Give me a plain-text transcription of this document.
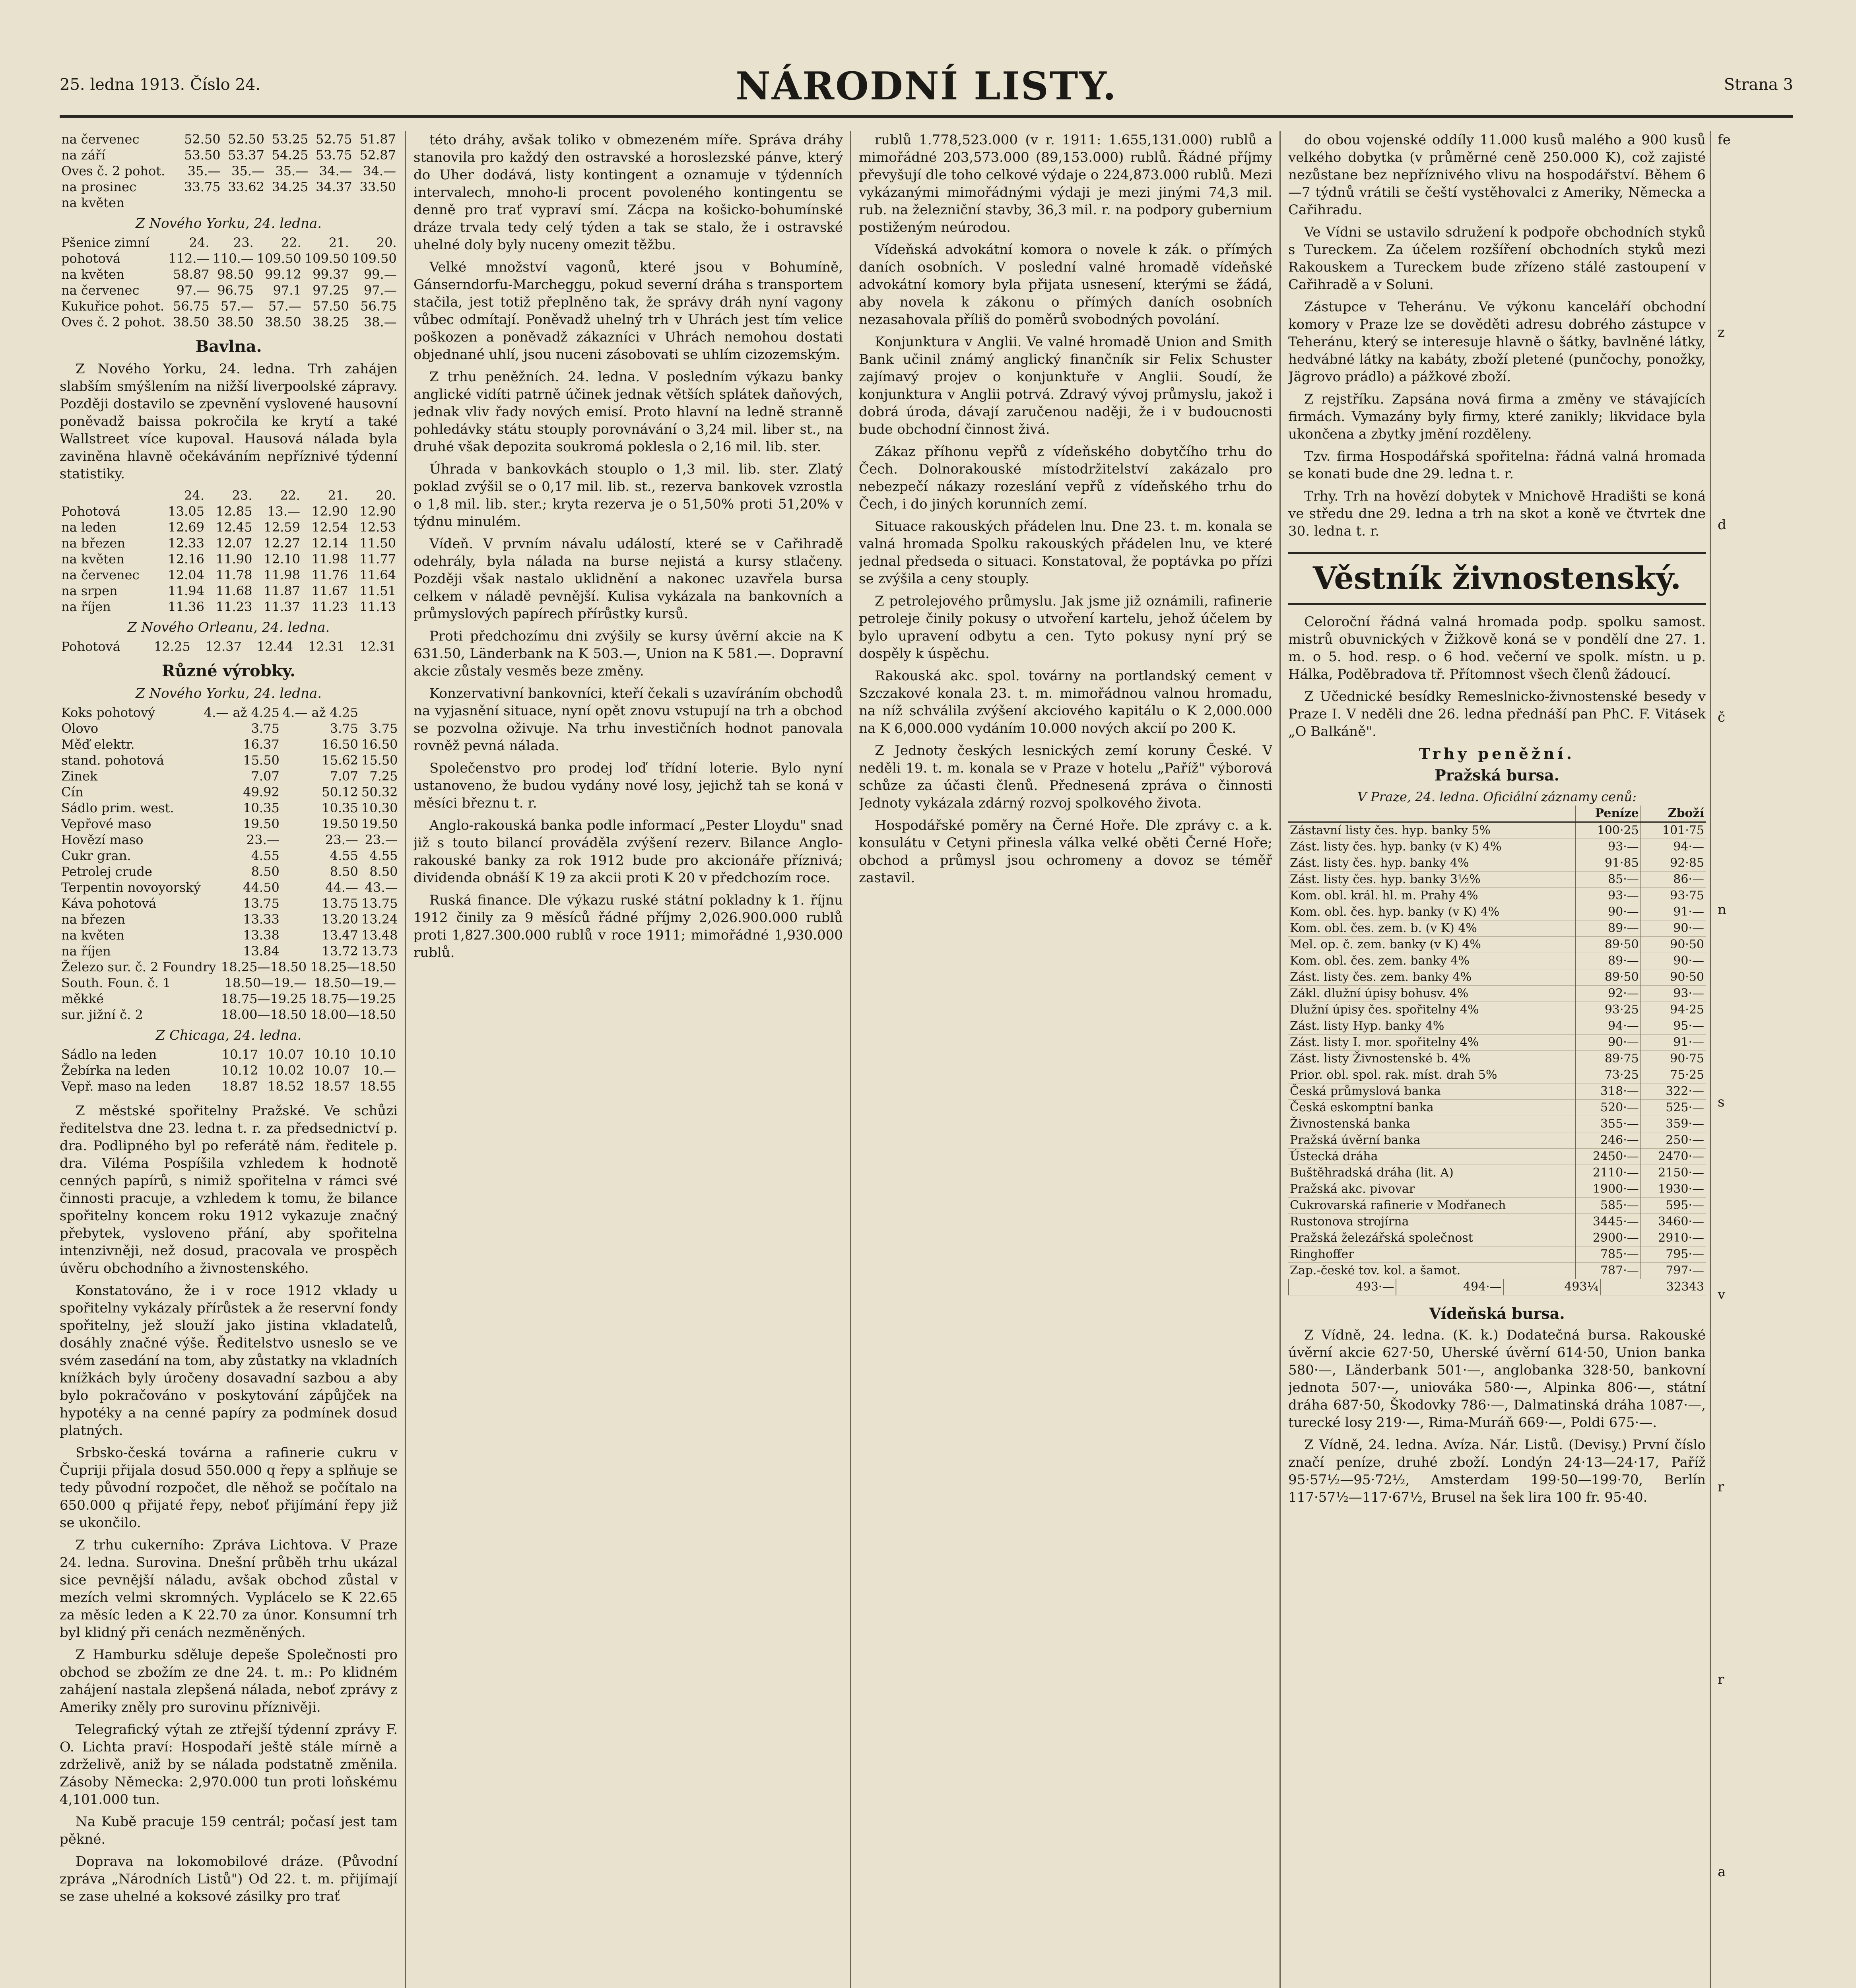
25. ledna 1913. Číslo 24.	NÁRODNÍ LISTY.	Strana 3
na červenec	52.50	52.50	53.25	52.75	51.87
na září	53.50	53.37	54.25	53.75	52.87
Oves č. 2 pohot.	35.—	35.—	35.—	34.—	34.—
na prosinec	33.75	33.62	34.25	34.37	33.50
na květen					
Z Nového Yorku, 24. ledna.
Pšenice zimní	24.	23.	22.	21.	20.
pohotová	112.—	110.—	109.50	109.50	109.50
na květen	58.87	98.50	99.12	99.37	99.—
na červenec	97.—	96.75	97.1	97.25	97.—
Kukuřice pohot.	56.75	57.—	57.—	57.50	56.75
Oves č. 2 pohot.	38.50	38.50	38.50	38.25	38.—
Bavlna.
Z Nového Yorku, 24. ledna. Trh zahájen slabším smýšlením na nižší liverpoolské zápravy. Později dostavilo se zpevnění vyslovené hausovní poněvadž baissa pokročila ke krytí a také Wallstreet více kupoval. Hausová nálada byla zaviněna hlavně očekáváním nepříznivé týdenní statistiky.
	24.	23.	22.	21.	20.
Pohotová	13.05	12.85	13.—	12.90	12.90
na leden	12.69	12.45	12.59	12.54	12.53
na březen	12.33	12.07	12.27	12.14	11.50
na květen	12.16	11.90	12.10	11.98	11.77
na červenec	12.04	11.78	11.98	11.76	11.64
na srpen	11.94	11.68	11.87	11.67	11.51
na říjen	11.36	11.23	11.37	11.23	11.13
Z Nového Orleanu, 24. ledna.
Pohotová	12.25	12.37	12.44	12.31	12.31
Různé výrobky.
Z Nového Yorku, 24. ledna.
Koks pohotový	4.— až 4.25	4.— až 4.25		
Olovo	3.75	3.75	3.75	
Měď elektr.	16.37	16.50	16.50	
stand. pohotová	15.50	15.62	15.50	
Zinek	7.07	7.07	7.25	
Cín	49.92	50.12	50.32	
Sádlo prim. west.	10.35	10.35	10.30	
Vepřové maso	19.50	19.50	19.50	
Hovězí maso	23.—	23.—	23.—	
Cukr gran.	4.55	4.55	4.55	
Petrolej crude	8.50	8.50	8.50	
Terpentin novoyorský	44.50	44.—	43.—	
Káva pohotová	13.75	13.75	13.75	
na březen	13.33	13.20	13.24	
na květen	13.38	13.47	13.48	
na říjen	13.84	13.72	13.73	
Železo sur. č. 2 Foundry	18.25—18.50	18.25—18.50
South. Foun. č. 1	18.50—19.—	18.50—19.—
měkké	18.75—19.25	18.75—19.25
sur. jižní č. 2	18.00—18.50	18.00—18.50
Z Chicaga, 24. ledna.
Sádlo na leden	10.17	10.07	10.10	10.10
Žebírka na leden	10.12	10.02	10.07	10.—
Vepř. maso na leden	18.87	18.52	18.57	18.55
Z městské spořitelny Pražské. Ve schůzi ředitelstva dne 23. ledna t. r. za předsednictví p. dra. Podlipného byl po referátě nám. ředitele p. dra. Viléma Pospíšila vzhledem k hodnotě cenných papírů, s nimiž spořitelna v rámci své činnosti pracuje, a vzhledem k tomu, že bilance spořitelny koncem roku 1912 vykazuje značný přebytek, vysloveno přání, aby spořitelna intenzivněji, než dosud, pracovala ve prospěch úvěru obchodního a živnostenského.
Konstatováno, že i v roce 1912 vklady u spořitelny vykázaly přírůstek a že reservní fondy spořitelny, jež slouží jako jistina vkladatelů, dosáhly značné výše. Ředitelstvo usneslo se ve svém zasedání na tom, aby zůstatky na vkladních knížkách byly úročeny dosavadní sazbou a aby bylo pokračováno v poskytování zápůjček na hypotéky a na cenné papíry za podmínek dosud platných.
Srbsko-česká továrna a rafinerie cukru v Čupriji přijala dosud 550.000 q řepy a splňuje se tedy původní rozpočet, dle něhož se počítalo na 650.000 q přijaté řepy, neboť přijímání řepy již se ukončilo.
Z trhu cukerního: Zpráva Lichtova. V Praze 24. ledna. Surovina. Dnešní průběh trhu ukázal sice pevnější náladu, avšak obchod zůstal v mezích velmi skromných. Vyplácelo se K 22.65 za měsíc leden a K 22.70 za únor. Konsumní trh byl klidný při cenách nezměněných.
Z Hamburku sděluje depeše Společnosti pro obchod se zbožím ze dne 24. t. m.: Po klidném zahájení nastala zlepšená nálada, neboť zprávy z Ameriky zněly pro surovinu příznivěji.
Telegrafický výtah ze ztřejší týdenní zprávy F. O. Lichta praví: Hospodaří ještě stále mírně a zdrželivě, aniž by se nálada podstatně změnila. Zásoby Německa: 2,970.000 tun proti loňskému 4,101.000 tun.
Na Kubě pracuje 159 centrál; počasí jest tam pěkné.
Doprava na lokomobilové dráze. (Původní zpráva „Národních Listů") Od 22. t. m. přijímají se zase uhelné a koksové zásilky pro trať
této dráhy, avšak toliko v obmezeném míře. Správa dráhy stanovila pro každý den ostravské a horoslezské pánve, který do Uher dodává, listy kontingent a oznamuje v týdenních intervalech, mnoho-li procent povoleného kontingentu se denně pro trať vypraví smí. Zácpa na košicko-bohumínské dráze trvala tedy celý týden a tak se stalo, že i ostravské uhelné doly byly nuceny omezit těžbu.
Velké množství vagonů, které jsou v Bohumíně, Gánserndorfu-Marcheggu, pokud severní dráha s transportem stačila, jest totiž přeplněno tak, že správy dráh nyní vagony vůbec odmítají. Poněvadž uhelný trh v Uhrách jest tím velice poškozen a poněvadž zákazníci v Uhrách nemohou dostati objednané uhlí, jsou nuceni zásobovati se uhlím cizozemským.
Z trhu peněžních. 24. ledna. V posledním výkazu banky anglické vidíti patrně účinek jednak větších splátek daňových, jednak vliv řady nových emisí. Proto hlavní na ledně stranně pohledávky státu stouply porovnávání o 3,24 mil. liber st., na druhé však depozita soukromá poklesla o 2,16 mil. lib. ster.
Úhrada v bankovkách stouplo o 1,3 mil. lib. ster. Zlatý poklad zvýšil se o 0,17 mil. lib. st., rezerva bankovek vzrostla o 1,8 mil. lib. ster.; kryta rezerva je o 51,50% proti 51,20% v týdnu minulém.
Vídeň. V prvním návalu událostí, které se v Cařihradě odehrály, byla nálada na burse nejistá a kursy stlačeny. Později však nastalo uklidnění a nakonec uzavřela bursa celkem v náladě pevnější. Kulisa vykázala na bankovních a průmyslových papírech přírůstky kursů.
Proti předchozímu dni zvýšily se kursy úvěrní akcie na K 631.50, Länderbank na K 503.—, Union na K 581.—. Dopravní akcie zůstaly vesměs beze změny.
Konzervativní bankovníci, kteří čekali s uzavíráním obchodů na vyjasnění situace, nyní opět znovu vstupují na trh a obchod se pozvolna oživuje. Na trhu investičních hodnot panovala rovněž pevná nálada.
Společenstvo pro prodej loď třídní loterie. Bylo nyní ustanoveno, že budou vydány nové losy, jejichž tah se koná v měsíci březnu t. r.
Anglo-rakouská banka podle informací „Pester Lloydu" snad již s touto bilancí prováděla zvýšení rezerv. Bilance Anglo-rakouské banky za rok 1912 bude pro akcionáře příznivá; dividenda obnáší K 19 za akcii proti K 20 v předchozím roce.
Ruská finance. Dle výkazu ruské státní pokladny k 1. říjnu 1912 činily za 9 měsíců řádné příjmy 2,026.900.000 rublů proti 1,827.300.000 rublů v roce 1911; mimořádné 1,930.000 rublů.
rublů 1.778,523.000 (v r. 1911: 1.655,131.000) rublů a mimořádné 203,573.000 (89,153.000) rublů. Řádné příjmy převyšují dle toho celkové výdaje o 224,873.000 rublů. Mezi vykázanými mimořádnými výdaji je mezi jinými 74,3 mil. rub. na železniční stavby, 36,3 mil. r. na podpory gubernium postiženým neúrodou.
Vídeňská advokátní komora o novele k zák. o přímých daních osobních. V poslední valné hromadě vídeňské advokátní komory byla přijata usnesení, kterými se žádá, aby novela k zákonu o přímých daních osobních nezasahovala příliš do poměrů svobodných povolání.
Konjunktura v Anglii. Ve valné hromadě Union and Smith Bank učinil známý anglický finančník sir Felix Schuster zajímavý projev o konjunktuře v Anglii. Soudí, že konjunktura v Anglii potrvá. Zdravý vývoj průmyslu, jakož i dobrá úroda, dávají zaručenou naději, že i v budoucnosti bude obchodní činnost živá.
Zákaz příhonu vepřů z vídeňského dobytčího trhu do Čech. Dolnorakouské místodržitelství zakázalo pro nebezpečí nákazy rozeslání vepřů z vídeňského trhu do Čech, i do jiných korunních zemí.
Situace rakouských přádelen lnu. Dne 23. t. m. konala se valná hromada Spolku rakouských přádelen lnu, ve které jednal předseda o situaci. Konstatoval, že poptávka po přízi se zvýšila a ceny stouply.
Z petrolejového průmyslu. Jak jsme již oznámili, rafinerie petroleje činily pokusy o utvoření kartelu, jehož účelem by bylo upravení odbytu a cen. Tyto pokusy nyní prý se dospěly k úspěchu.
Rakouská akc. spol. továrny na portlandský cement v Szczakové konala 23. t. m. mimořádnou valnou hromadu, na níž schválila zvýšení akciového kapitálu o K 2,000.000 na K 6,000.000 vydáním 10.000 nových akcií po 200 K.
Z Jednoty českých lesnických zemí koruny České. V neděli 19. t. m. konala se v Praze v hotelu „Paříž" výborová schůze za účasti členů. Přednesená zpráva o činnosti Jednoty vykázala zdárný rozvoj spolkového života.
Hospodářské poměry na Černé Hoře. Dle zprávy c. a k. konsulátu v Cetyni přinesla válka velké oběti Černé Hoře; obchod a průmysl jsou ochromeny a dovoz se téměř zastavil.
do obou vojenské oddíly 11.000 kusů malého a 900 kusů velkého dobytka (v průměrné ceně 250.000 K), což zajisté nezůstane bez nepříznivého vlivu na hospodářství. Během 6—7 týdnů vrátili se čeští vystěhovalci z Ameriky, Německa a Cařihradu.
Ve Vídni se ustavilo sdružení k podpoře obchodních styků s Tureckem. Za účelem rozšíření obchodních styků mezi Rakouskem a Tureckem bude zřízeno stálé zastoupení v Cařihradě a v Soluni.
Zástupce v Teheránu. Ve výkonu kanceláří obchodní komory v Praze lze se dověděti adresu dobrého zástupce v Teheránu, který se interesuje hlavně o šátky, bavlněné látky, hedvábné látky na kabáty, zboží pletené (punčochy, ponožky, Jägrovo prádlo) a pážkové zboží.
Z rejstříku. Zapsána nová firma a změny ve stávajících firmách. Vymazány byly firmy, které zanikly; likvidace byla ukončena a zbytky jmění rozděleny.
Tzv. firma Hospodářská spořitelna: řádná valná hromada se konati bude dne 29. ledna t. r.
Trhy. Trh na hovězí dobytek v Mnichově Hradišti se koná ve středu dne 29. ledna a trh na skot a koně ve čtvrtek dne 30. ledna t. r.
Věstník živnostenský.
Celoroční řádná valná hromada podp. spolku samost. mistrů obuvnických v Žižkově koná se v pondělí dne 27. 1. m. o 5. hod. resp. o 6 hod. večerní ve spolk. místn. u p. Hálka, Poděbradova tř. Přítomnost všech členů žádoucí.
Z Učednické besídky Remeslnicko-živnostenské besedy v Praze I. V neděli dne 26. ledna přednáší pan PhC. F. Vitásek „O Balkáně".
Trhy peněžní.
Pražská bursa.
V Praze, 24. ledna. Oficiální záznamy cenů:
	Peníze	Zboží
Zástavní listy čes. hyp. banky 5%	100·25	101·75
Zást. listy čes. hyp. banky (v K) 4%	93·—	94·—
Zást. listy čes. hyp. banky 4%	91·85	92·85
Zást. listy čes. hyp. banky 3½%	85·—	86·—
Kom. obl. král. hl. m. Prahy 4%	93·—	93·75
Kom. obl. čes. hyp. banky (v K) 4%	90·—	91·—
Kom. obl. čes. zem. b. (v K) 4%	89·—	90·—
Mel. op. č. zem. banky (v K) 4%	89·50	90·50
Kom. obl. čes. zem. banky 4%	89·—	90·—
Zást. listy čes. zem. banky 4%	89·50	90·50
Zákl. dlužní úpisy bohusv. 4%	92·—	93·—
Dlužní úpisy čes. spořitelny 4%	93·25	94·25
Zást. listy Hyp. banky 4%	94·—	95·—
Zást. listy I. mor. spořitelny 4%	90·—	91·—
Zást. listy Živnostenské b. 4%	89·75	90·75
Prior. obl. spol. rak. míst. drah 5%	73·25	75·25
Česká průmyslová banka	318·—	322·—
Česká eskomptní banka	520·—	525·—
Živnostenská banka	355·—	359·—
Pražská úvěrní banka	246·—	250·—
Ústecká dráha	2450·—	2470·—
Buštěhradská dráha (lit. A)	2110·—	2150·—
Pražská akc. pivovar	1900·—	1930·—
Cukrovarská rafinerie v Modřanech	585·—	595·—
Rustonova strojírna	3445·—	3460·—
Pražská železářská společnost	2900·—	2910·—
Ringhoffer	785·—	795·—
Zap.-české tov. kol. a šamot.	787·—	797·—
493·—	494·—	493¼	32343
Vídeňská bursa.
Z Vídně, 24. ledna. (K. k.) Dodatečná bursa. Rakouské úvěrní akcie 627·50, Uherské úvěrní 614·50, Union banka 580·—, Länderbank 501·—, anglobanka 328·50, bankovní jednota 507·—, uniováka 580·—, Alpinka 806·—, státní dráha 687·50, Škodovky 786·—, Dalmatinská dráha 1087·—, turecké losy 219·—, Rima-Muráň 669·—, Poldi 675·—.
Z Vídně, 24. ledna. Avíza. Nár. Listů. (Devisy.) První číslo značí peníze, druhé zboží. Londýn 24·13—24·17, Paříž 95·57½—95·72½, Amsterdam 199·50—199·70, Berlín 117·57½—117·67½, Brusel na šek lira 100 fr. 95·40.
fe
z
d
č
n
s
v
r
r
a
